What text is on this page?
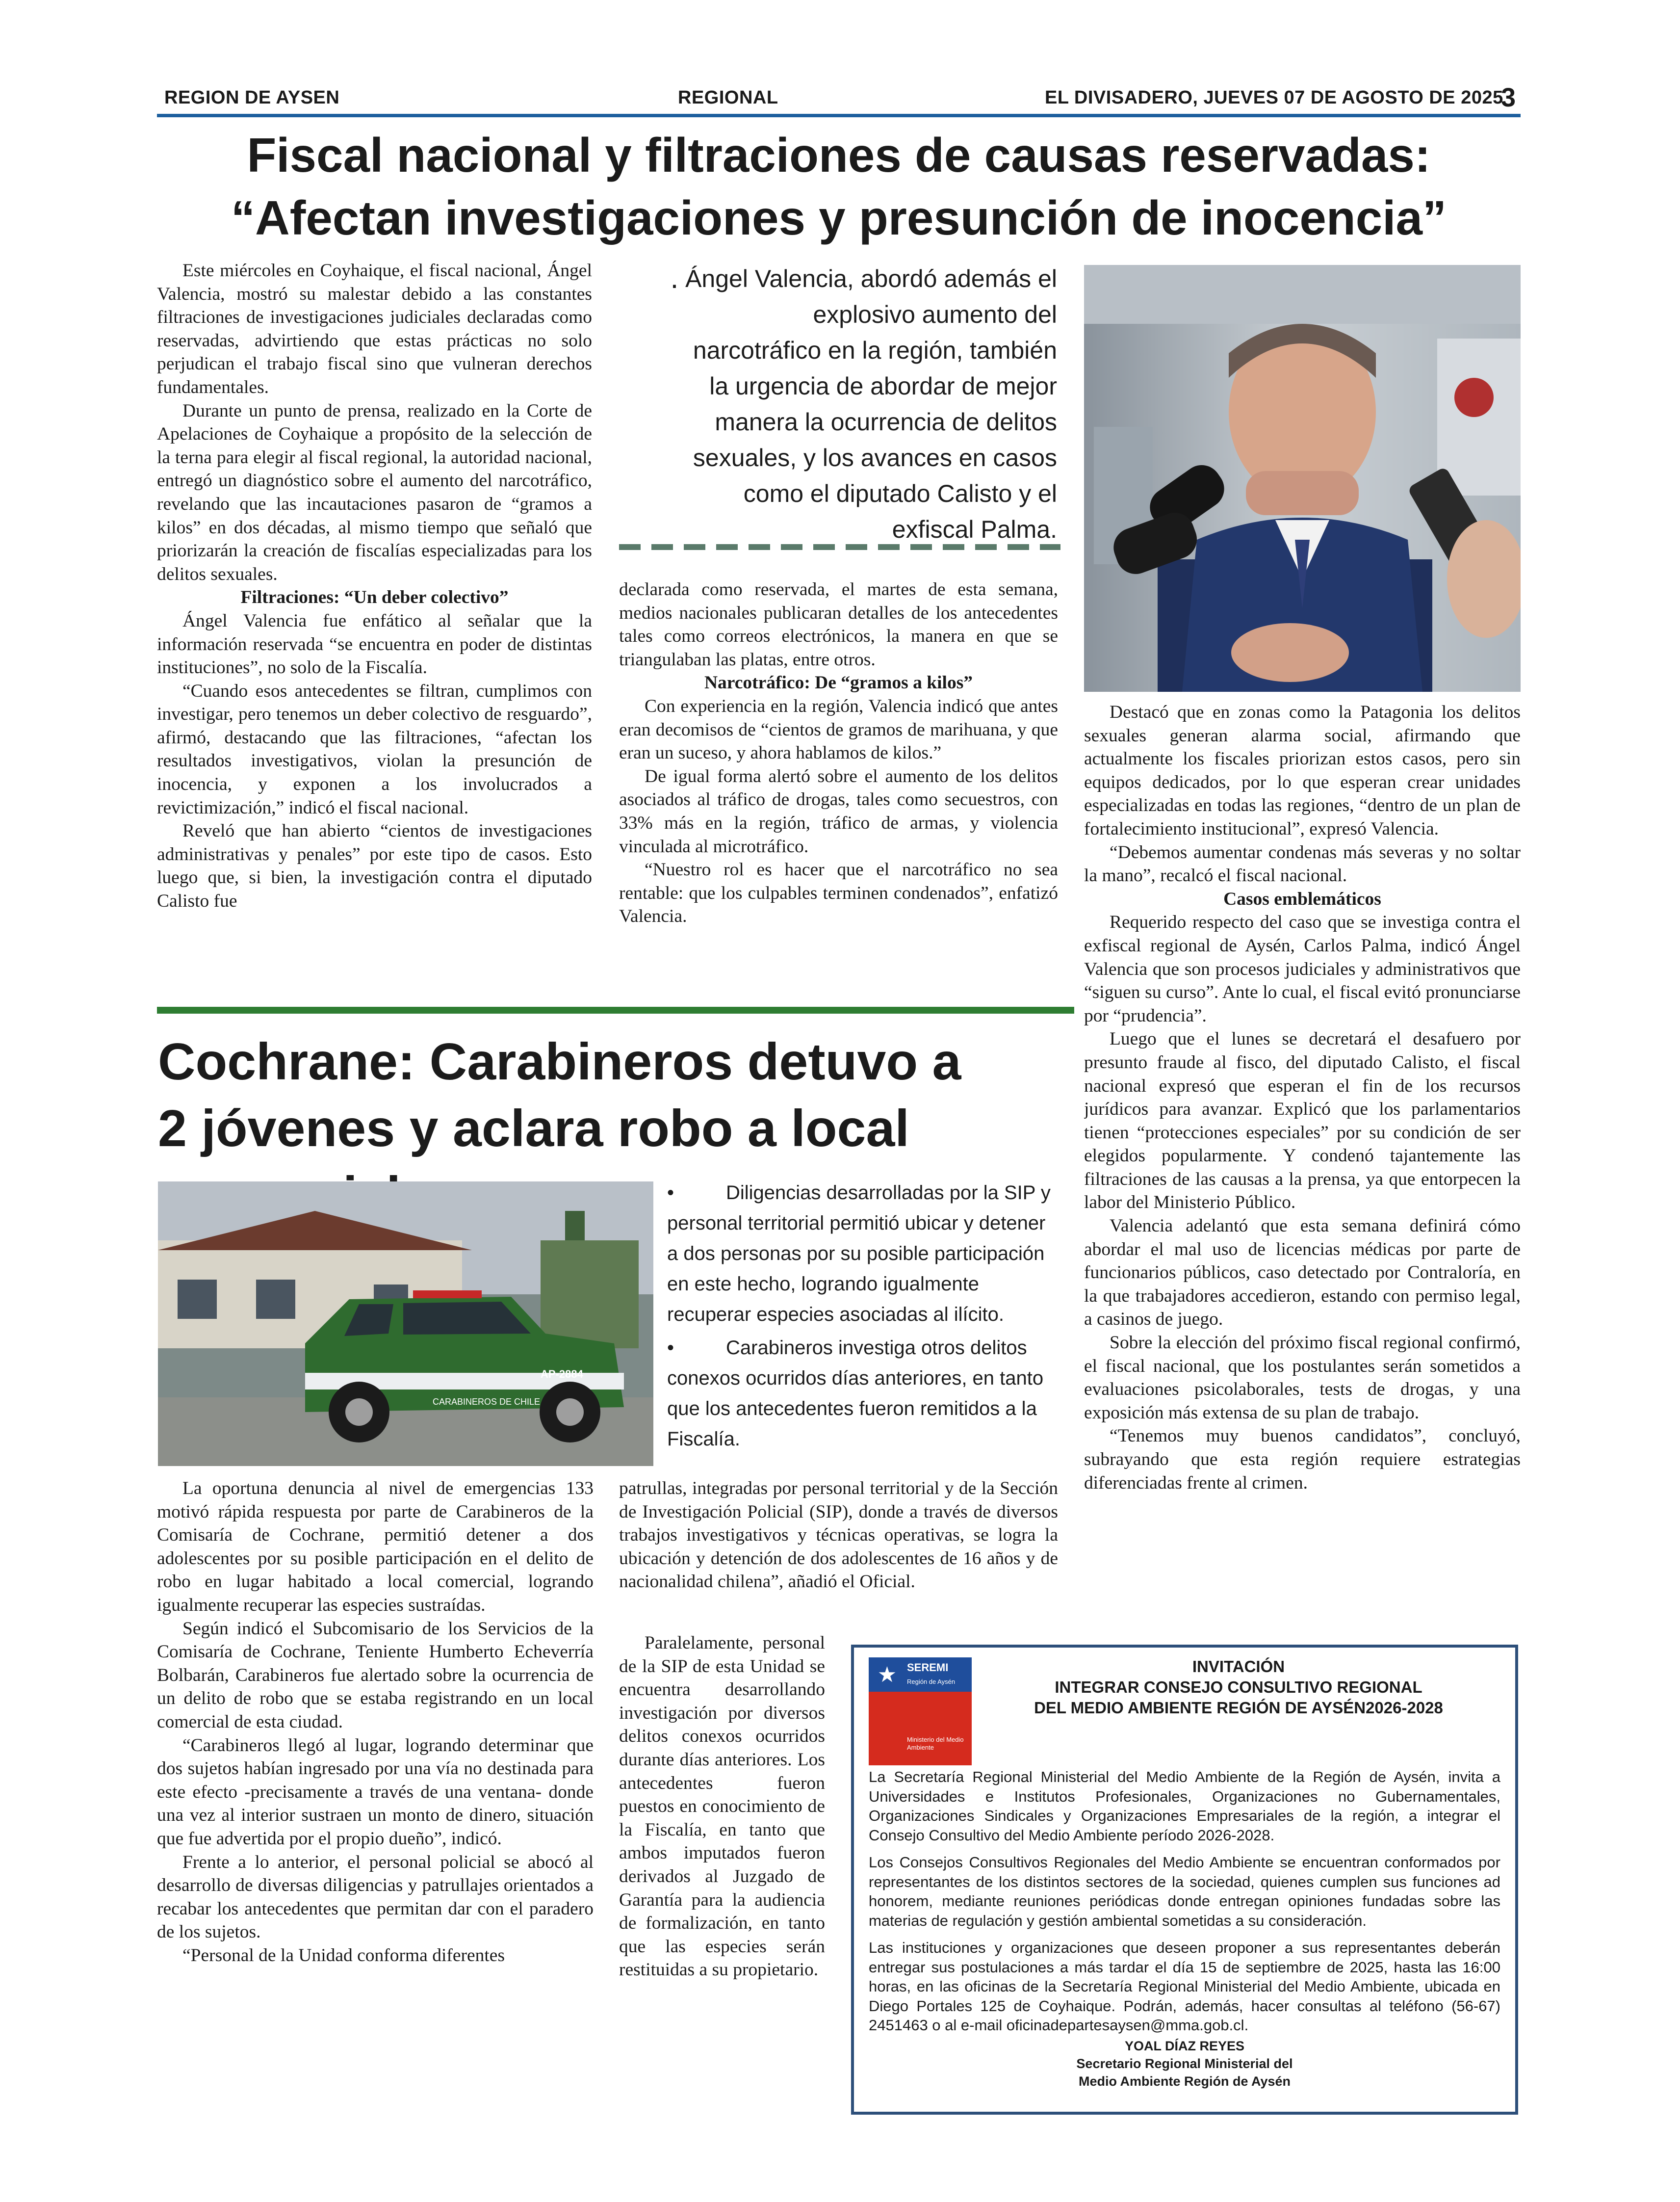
REGION DE AYSEN	REGIONAL	EL DIVISADERO, JUEVES 07 DE AGOSTO DE 2025
3
Fiscal nacional y filtraciones de causas reservadas:
“Afectan investigaciones y presunción de inocencia”

Este miércoles en Coyhaique, el fiscal nacional, Ángel Valencia, mostró su malestar debido a las constantes filtraciones de investigaciones judiciales declaradas como reservadas, advirtiendo que estas prácticas no solo perjudican el trabajo fiscal sino que vulneran derechos fundamentales.

Durante un punto de prensa, realizado en la Corte de Apelaciones de Coyhaique a propósito de la selección de la terna para elegir al fiscal regional, la autoridad nacional, entregó un diagnóstico sobre el aumento del narcotráfico, revelando que las incautaciones pasaron de “gramos a kilos” en dos décadas, al mismo tiempo que señaló que priorizarán la creación de fiscalías especializadas para los delitos sexuales.

Filtraciones: “Un deber colectivo”

Ángel Valencia fue enfático al señalar que la información reservada “se encuentra en poder de distintas instituciones”, no solo de la Fiscalía.

“Cuando esos antecedentes se filtran, cumplimos con investigar, pero tenemos un deber colectivo de resguardo”, afirmó, destacando que las filtraciones, “afectan los resultados investigativos, violan la presunción de inocencia, y exponen a los involucrados a revictimización,” indicó el fiscal nacional.

Reveló que han abierto “cientos de investigaciones administrativas y penales” por este tipo de casos. Esto luego que, si bien, la investigación contra el diputado Calisto fue

· Ángel Valencia, abordó además el explosivo aumento del narcotráfico en la región, también la urgencia de abordar de mejor manera la ocurrencia de delitos sexuales, y los avances en casos como el diputado Calisto y el exfiscal Palma.

declarada como reservada, el martes de esta semana, medios nacionales publicaran detalles de los antecedentes tales como correos electrónicos, la manera en que se triangulaban las platas, entre otros.

Narcotráfico: De “gramos a kilos”

Con experiencia en la región, Valencia indicó que antes eran decomisos de “cientos de gramos de marihuana, y que eran un suceso, y ahora hablamos de kilos.”

De igual forma alertó sobre el aumento de los delitos asociados al tráfico de drogas, tales como secuestros, con 33% más en la región, tráfico de armas, y violencia vinculada al microtráfico.

“Nuestro rol es hacer que el narcotráfico no sea rentable: que los culpables terminen condenados”, enfatizó Valencia.

Destacó que en zonas como la Patagonia los delitos sexuales generan alarma social, afirmando que actualmente los fiscales priorizan estos casos, pero sin equipos dedicados, por lo que esperan crear unidades especializadas en todas las regiones, “dentro de un plan de fortalecimiento institucional”, expresó Valencia.

“Debemos aumentar condenas más severas y no soltar la mano”, recalcó el fiscal nacional.

Casos emblemáticos

Requerido respecto del caso que se investiga contra el exfiscal regional de Aysén, Carlos Palma, indicó Ángel Valencia que son procesos judiciales y administrativos que “siguen su curso”. Ante lo cual, el fiscal evitó pronunciarse por “prudencia”.

Luego que el lunes se decretará el desafuero por presunto fraude al fisco, del diputado Calisto, el fiscal nacional expresó que esperan el fin de los recursos jurídicos para avanzar. Explicó que los parlamentarios tienen “protecciones especiales” por su condición de ser elegidos popularmente. Y condenó tajantemente las filtraciones de las causas a la prensa, ya que entorpecen la labor del Ministerio Público.

Valencia adelantó que esta semana definirá cómo abordar el mal uso de licencias médicas por parte de funcionarios públicos, caso detectado por Contraloría, en la que trabajadores accedieron, estando con permiso legal, a casinos de juego.

Sobre la elección del próximo fiscal regional confirmó, el fiscal nacional, que los postulantes serán sometidos a evaluaciones psicolaborales, tests de drogas, y una exposición más extensa de su plan de trabajo.

“Tenemos muy buenos candidatos”, concluyó, subrayando que esta región requiere estrategias diferenciadas frente al crimen.

Cochrane: Carabineros detuvo a
2 jóvenes y aclara robo a local
AP-2884
CARABINEROS DE CHILE

•	Diligencias desarrolladas por la SIP y personal territorial permitió ubicar y detener a dos personas por su posible participación en este hecho, logrando igualmente recuperar especies asociadas al ilícito.

•	Carabineros investiga otros delitos conexos ocurridos días anteriores, en tanto que los antecedentes fueron remitidos a la Fiscalía.

La oportuna denuncia al nivel de emergencias 133 motivó rápida respuesta por parte de Carabineros de la Comisaría de Cochrane, permitió detener a dos adolescentes por su posible participación en el delito de robo en lugar habitado a local comercial, logrando igualmente recuperar las especies sustraídas.

Según indicó el Subcomisario de los Servicios de la Comisaría de Cochrane, Teniente Humberto Echeverría Bolbarán, Carabineros fue alertado sobre la ocurrencia de un delito de robo que se estaba registrando en un local comercial de esta ciudad.

“Carabineros llegó al lugar, logrando determinar que dos sujetos habían ingresado por una vía no destinada para este efecto -precisamente a través de una ventana- donde una vez al interior sustraen un monto de dinero, situación que fue advertida por el propio dueño”, indicó.

Frente a lo anterior, el personal policial se abocó al desarrollo de diversas diligencias y patrullajes orientados a recabar los antecedentes que permitan dar con el paradero de los sujetos.

“Personal de la Unidad conforma diferentes

patrullas, integradas por personal territorial y de la Sección de Investigación Policial (SIP), donde a través de diversos trabajos investigativos y técnicas operativas, se logra la ubicación y detención de dos adolescentes de 16 años y de nacionalidad chilena”, añadió el Oficial.

Paralelamente, personal de la SIP de esta Unidad se encuentra desarrollando investigación por diversos delitos conexos ocurridos durante días anteriores. Los antecedentes fueron puestos en conocimiento de la Fiscalía, en tanto que ambos imputados fueron derivados al Juzgado de Garantía para la audiencia de formalización, en tanto que las especies serán restituidas a su propietario.

SEREMI
Región de Aysén
★
Ministerio del Medio Ambiente
INVITACIÓN
INTEGRAR CONSEJO CONSULTIVO REGIONAL
DEL MEDIO AMBIENTE REGIÓN DE AYSÉN2026-2028

La Secretaría Regional Ministerial del Medio Ambiente de la Región de Aysén, invita a Universidades e Institutos Profesionales, Organizaciones no Gubernamentales, Organizaciones Sindicales y Organizaciones Empresariales de la región, a integrar el Consejo Consultivo del Medio Ambiente período 2026-2028.

Los Consejos Consultivos Regionales del Medio Ambiente se encuentran conformados por representantes de los distintos sectores de la sociedad, quienes cumplen sus funciones ad honorem, mediante reuniones periódicas donde entregan opiniones fundadas sobre las materias de regulación y gestión ambiental sometidas a su consideración.

Las instituciones y organizaciones que deseen proponer a sus representantes deberán entregar sus postulaciones a más tardar el día 15 de septiembre de 2025, hasta las 16:00 horas, en las oficinas de la Secretaría Regional Ministerial del Medio Ambiente, ubicada en Diego Portales 125 de Coyhaique. Podrán, además, hacer consultas al teléfono (56-67) 2451463 o al e-mail oficinadepartesaysen@mma.gob.cl.

YOAL DÍAZ REYES
Secretario Regional Ministerial del
Medio Ambiente Región de Aysén
